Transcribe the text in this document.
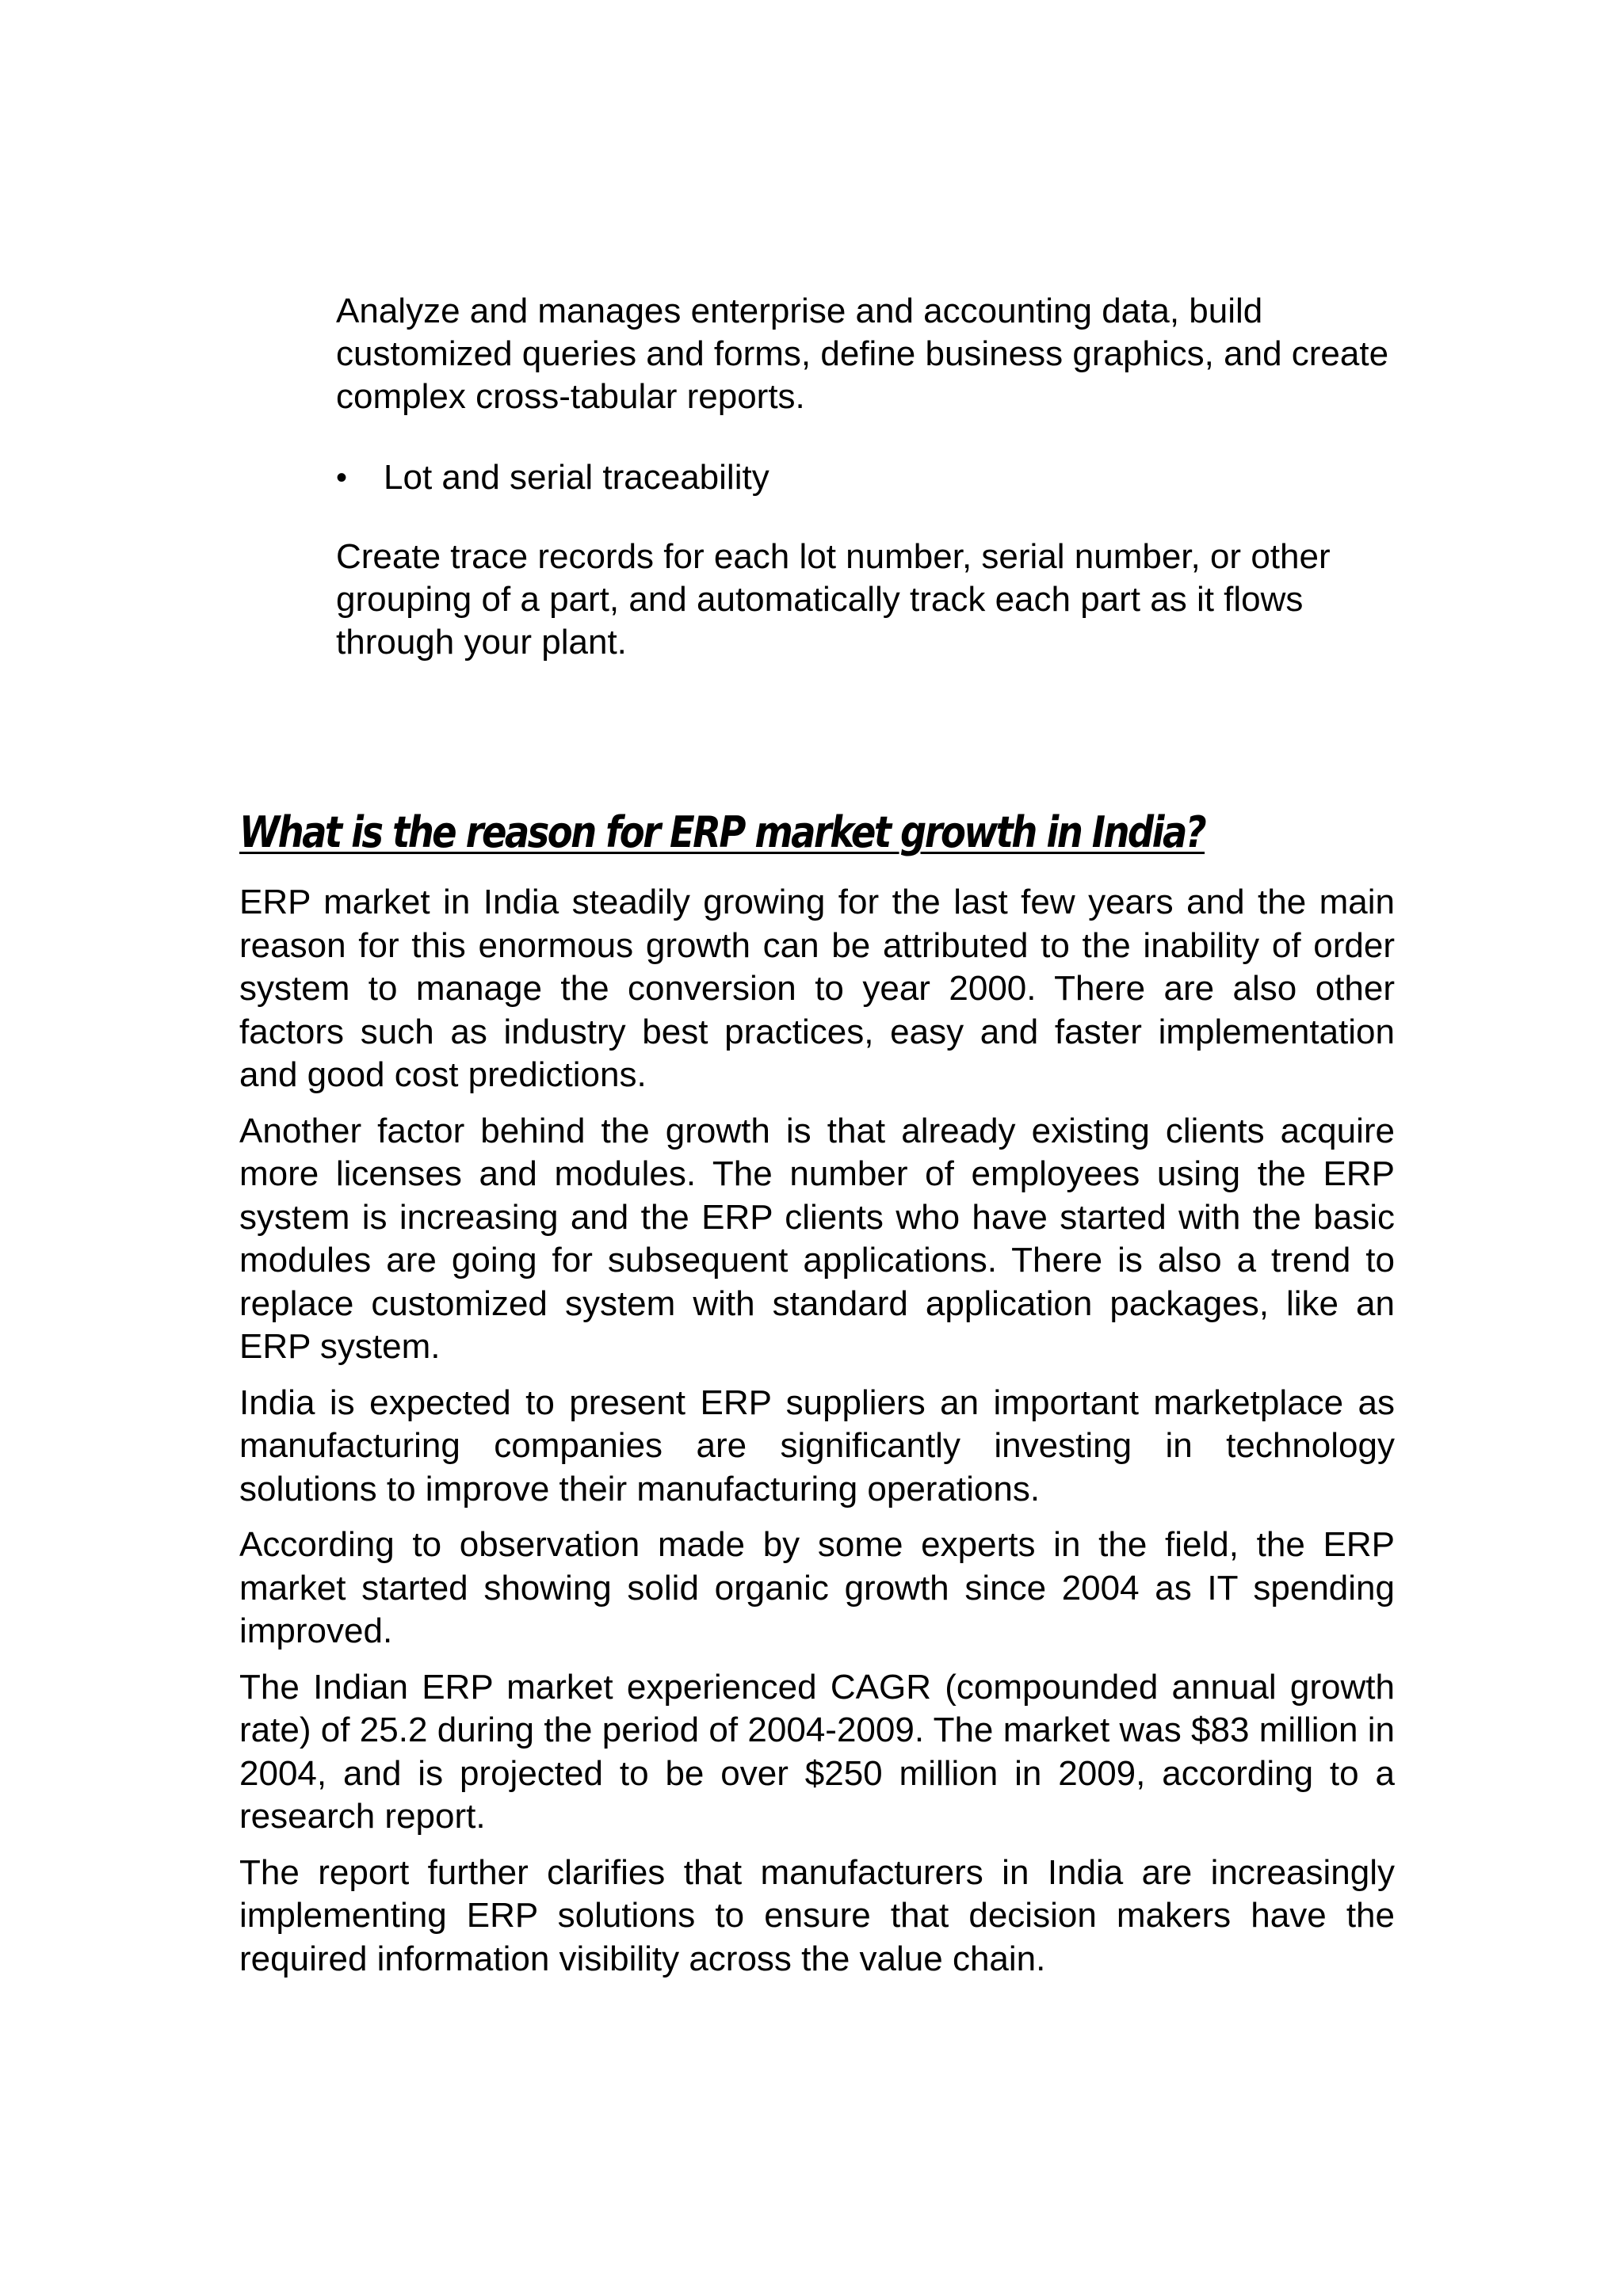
Analyze and manages enterprise and accounting data, build customized queries and forms, define business graphics, and create complex cross-tabular reports.
•	Lot and serial traceability
Create trace records for each lot number, serial number, or other grouping of a part, and automatically track each part as it flows through your plant.
What is the reason for ERP market growth in India?

ERP market in India steadily growing for the last few years and the main reason for this enormous growth can be attributed to the inability of order system to manage the conversion to year 2000. There are also other factors such as industry best practices, easy and faster implementation and good cost predictions.

Another factor behind the growth is that already existing clients acquire more licenses and modules. The number of employees using the ERP system is increasing and the ERP clients who have started with the basic modules are going for subsequent applications. There is also a trend to replace customized system with standard application packages, like an ERP system.

India is expected to present ERP suppliers an important marketplace as manufacturing companies are significantly investing in technology solutions to improve their manufacturing operations.

According to observation made by some experts in the field, the ERP market started showing solid organic growth since 2004 as IT spending improved.

The Indian ERP market experienced CAGR (compounded annual growth rate) of 25.2 during the period of 2004-2009. The market was $83 million in 2004, and is projected to be over $250 million in 2009, according to a research report.

The report further clarifies that manufacturers in India are increasingly implementing ERP solutions to ensure that decision makers have the required information visibility across the value chain.
